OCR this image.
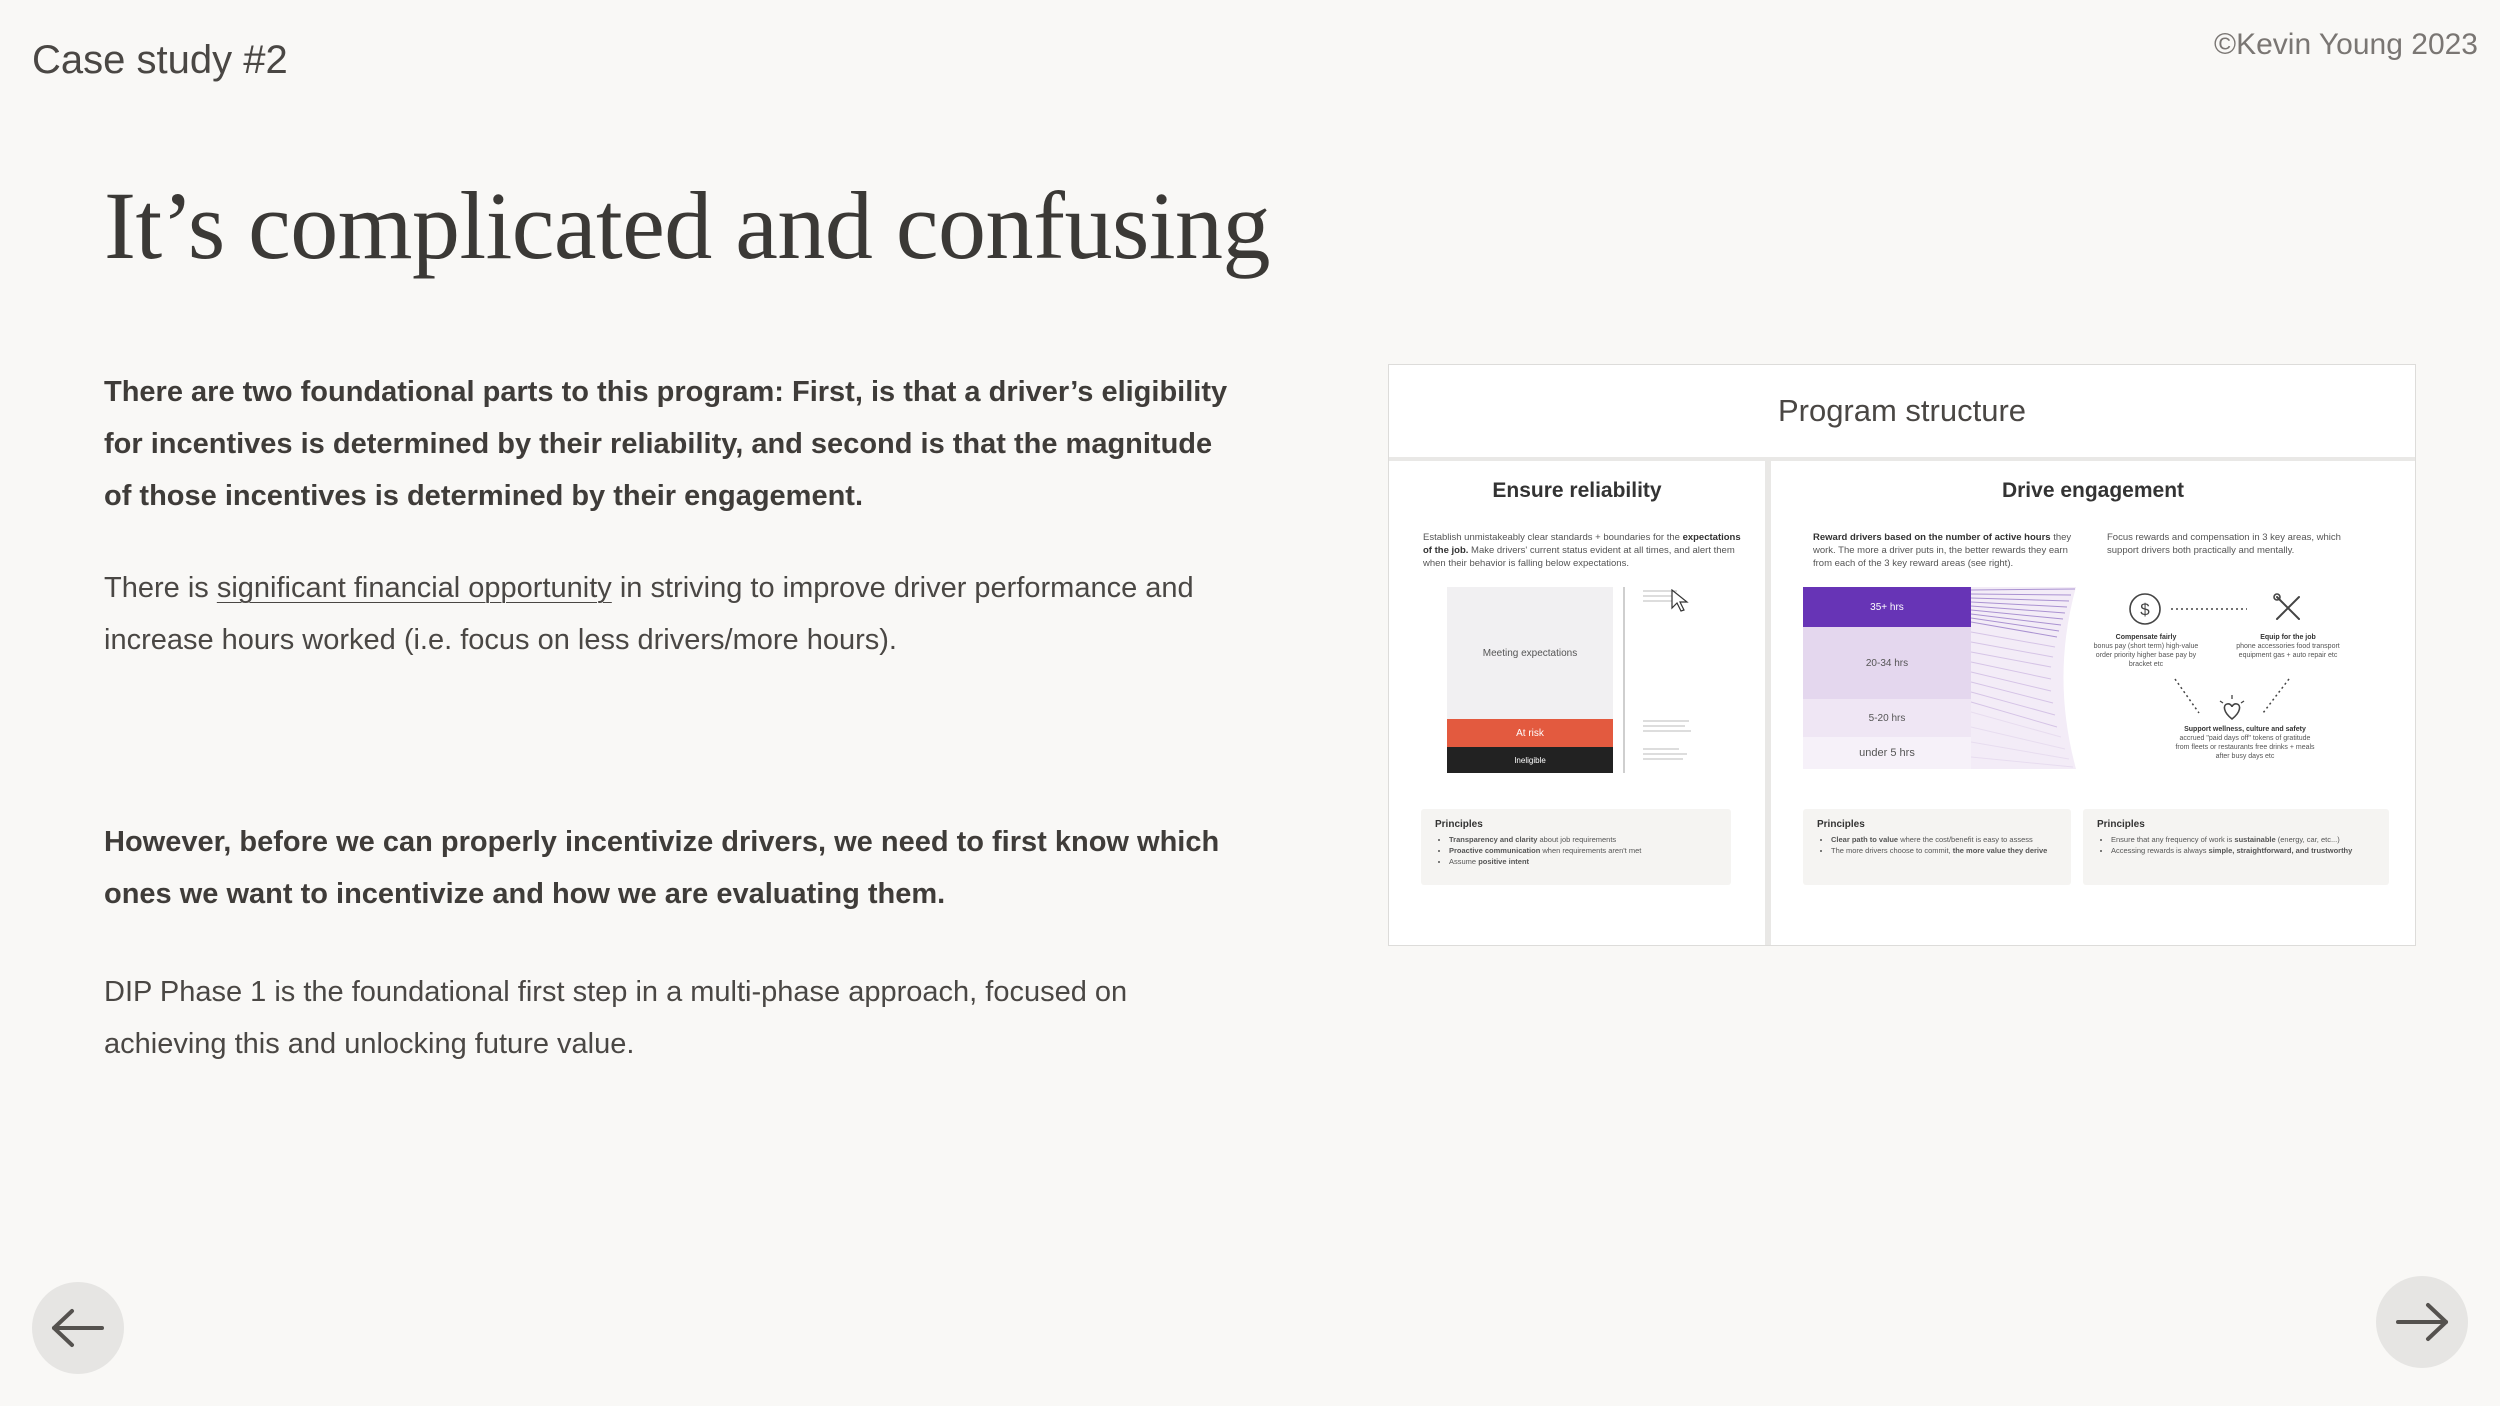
Case study #2	©Kevin Young 2023
It’s complicated and confusing

There are two foundational parts to this program: First, is that a driver’s eligibility for incentives is determined by their reliability, and second is that the magnitude of those incentives is determined by their engagement.

There is significant financial opportunity in striving to improve driver performance and increase hours worked (i.e. focus on less drivers/more hours).

However, before we can properly incentivize drivers, we need to first know which ones we want to incentivize and how we are evaluating them.

DIP Phase 1 is the foundational first step in a multi-phase approach, focused on achieving this and unlocking future value.

Program structure
Ensure reliability
Establish unmistakeably clear standards + boundaries for the expectations of the job. Make drivers' current status evident at all times, and alert them when their behavior is falling below expectations.
Meeting expectations
At risk
Ineligible
Principles
• Transparency and clarity about job requirements
• Proactive communication when requirements aren't met
• Assume positive intent
Drive engagement
Reward drivers based on the number of active hours they work. The more a driver puts in, the better rewards they earn from each of the 3 key reward areas (see right).
Focus rewards and compensation in 3 key areas, which support drivers both practically and mentally.
35+ hrs
20-34 hrs
5-20 hrs
under 5 hrs
$
Compensate fairly
bonus pay (short term) high-value order priority higher base pay by bracket etc
Equip for the job
phone accessories food transport equipment gas + auto repair etc
Support wellness, culture and safety
accrued "paid days off" tokens of gratitude from fleets or restaurants free drinks + meals after busy days etc
Principles
• Clear path to value where the cost/benefit is easy to assess
• The more drivers choose to commit, the more value they derive
Principles
• Ensure that any frequency of work is sustainable (energy, car, etc...)
• Accessing rewards is always simple, straightforward, and trustworthy
